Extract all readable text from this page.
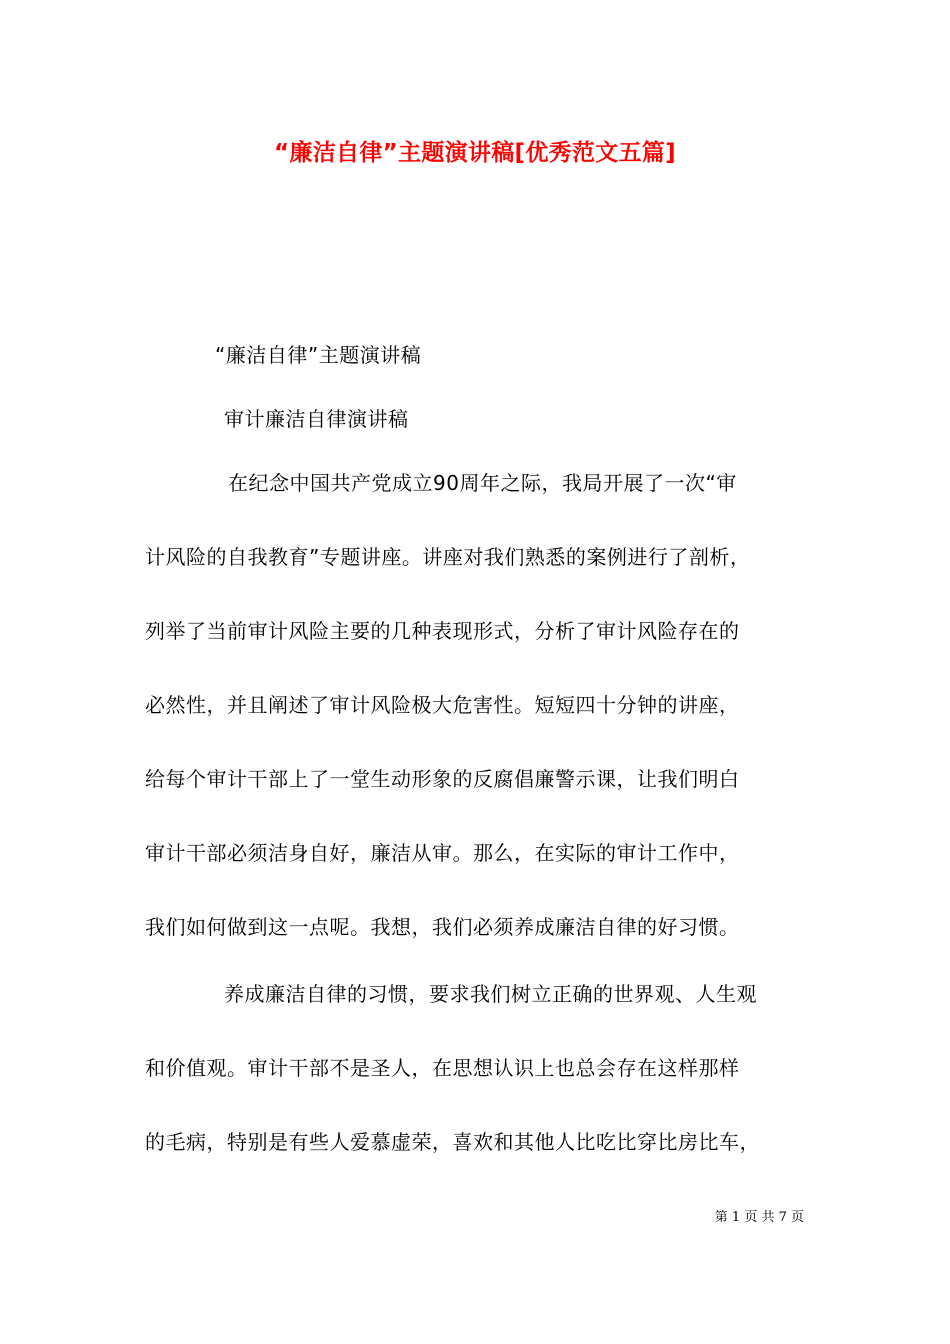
“廉洁自律”主题演讲稿[优秀范文五篇]
“廉洁自律”主题演讲稿
审计廉洁自律演讲稿
在纪念中国共产党成立90周年之际，我局开展了一次“审
计风险的自我教育”专题讲座。讲座对我们熟悉的案例进行了剖析，
列举了当前审计风险主要的几种表现形式，分析了审计风险存在的
必然性，并且阐述了审计风险极大危害性。短短四十分钟的讲座，
给每个审计干部上了一堂生动形象的反腐倡廉警示课，让我们明白
审计干部必须洁身自好，廉洁从审。那么，在实际的审计工作中，
我们如何做到这一点呢。我想，我们必须养成廉洁自律的好习惯。
养成廉洁自律的习惯，要求我们树立正确的世界观、人生观
和价值观。审计干部不是圣人，在思想认识上也总会存在这样那样
的毛病，特别是有些人爱慕虚荣，喜欢和其他人比吃比穿比房比车，
第 1 页 共 7 页
